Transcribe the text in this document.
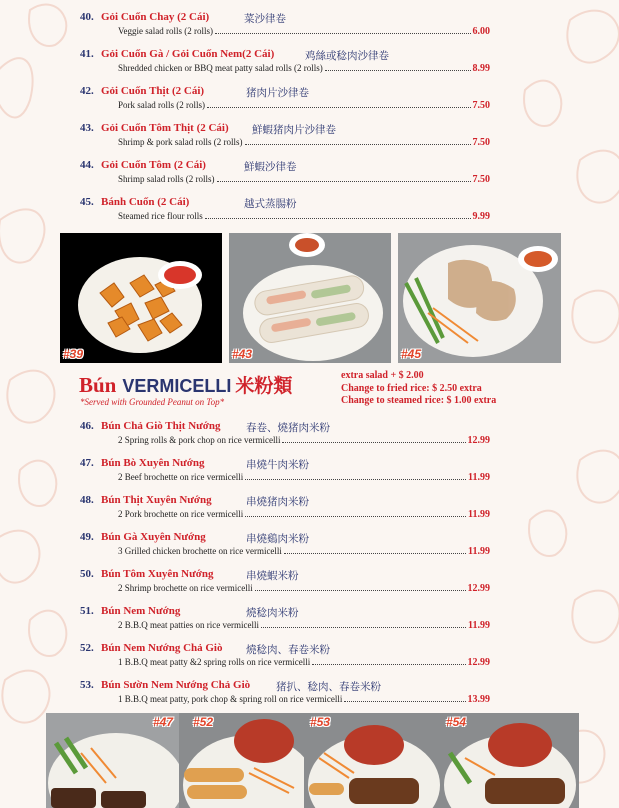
40. Gỏi Cuốn Chay (2 Cái)	菜沙律卷
Veggie salad rolls (2 rolls)	6.00
41. Gỏi Cuốn Gà / Gỏi Cuốn Nem(2 Cái)	鸡絲或稔肉沙律卷
Shredded chicken or BBQ meat patty salad rolls (2 rolls)	8.99
42. Gỏi Cuốn Thịt (2 Cái)	猪肉片沙律卷
Pork salad rolls (2 rolls)	7.50
43. Gỏi Cuốn Tôm Thịt (2 Cái) 鮮蝦猪肉片沙律卷
Shrimp & pork salad rolls (2 rolls)	7.50
44. Gỏi Cuốn Tôm (2 Cái)	鮮蝦沙律卷
Shrimp salad rolls (2 rolls)	7.50
45. Bánh Cuốn (2 Cái)	越式蒸腸粉
Steamed rice flour rolls	9.99
#39	#43	#45
Bún VERMICELLI 米粉類
*Served with Grounded Peanut on Top*
extra salad + $ 2.00
Change to fried rice: $ 2.50 extra
Change to steamed rice: $ 1.00 extra
46. Bún Chả Giò Thịt Nướng 春卷、燒猪肉米粉
2 Spring rolls & pork chop on rice vermicelli	12.99
47. Bún Bò Xuyên Nướng	串燒牛肉米粉
2 Beef brochette on rice vermicelli	11.99
48. Bún Thịt Xuyên Nướng	串燒猪肉米粉
2 Pork brochette on rice vermicelli	11.99
49. Bún Gà Xuyên Nướng	串燒鷄肉米粉
3 Grilled chicken brochette on rice vermicelli	11.99
50. Bún Tôm Xuyên Nướng	串燒蝦米粉
2 Shrimp brochette on rice vermicelli	12.99
51. Bún Nem Nướng	燒稔肉米粉
2 B.B.Q meat patties on rice vermicelli	11.99
52. Bún Nem Nướng Chả Giò 燒稔肉、春卷米粉
1 B.B.Q meat patty &2 spring rolls on rice vermicelli	12.99
53. Bún Sườn Nem Nướng Chả Giò 猪扒、稔肉、春卷米粉
1 B.B.Q meat patty, pork chop & spring roll on rice vermicelli	13.99
#47 #52	#53	#54
